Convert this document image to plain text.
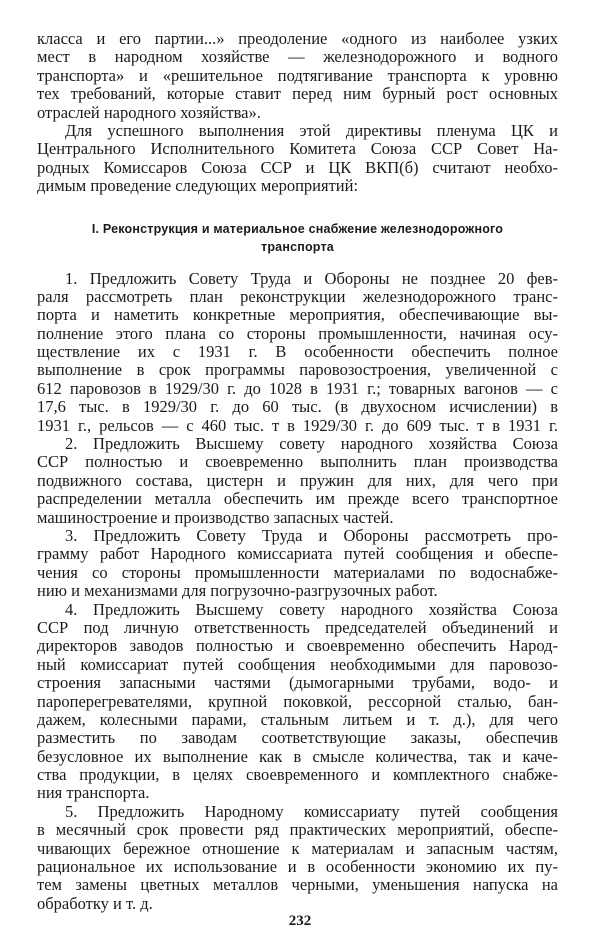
класса и его партии...» преодоление «одного из наиболее узких
мест в народном хозяйстве — железнодорожного и водного
транспорта» и «решительное подтягивание транспорта к уровню
тех требований, которые ставит перед ним бурный рост основных
отраслей народного хозяйства».
Для успешного выполнения этой директивы пленума ЦК и
Центрального Исполнительного Комитета Союза ССР Совет На-
родных Комиссаров Союза ССР и ЦК ВКП(б) считают необхо-
димым проведение следующих мероприятий:
I. Реконструкция и материальное снабжение железнодорожного
транспорта
1. Предложить Совету Труда и Обороны не позднее 20 фев-
раля рассмотреть план реконструкции железнодорожного транс-
порта и наметить конкретные мероприятия, обеспечивающие вы-
полнение этого плана со стороны промышленности, начиная осу-
ществление их с 1931 г. В особенности обеспечить полное
выполнение в срок программы паровозостроения, увеличенной с
612 паровозов в 1929/30 г. до 1028 в 1931 г.; товарных вагонов — с
17,6 тыс. в 1929/30 г. до 60 тыс. (в двухосном исчислении) в
1931 г., рельсов — с 460 тыс. т в 1929/30 г. до 609 тыс. т в 1931 г.
2. Предложить Высшему совету народного хозяйства Союза
ССР полностью и своевременно выполнить план производства
подвижного состава, цистерн и пружин для них, для чего при
распределении металла обеспечить им прежде всего транспортное
машиностроение и производство запасных частей.
3. Предложить Совету Труда и Обороны рассмотреть про-
грамму работ Народного комиссариата путей сообщения и обеспе-
чения со стороны промышленности материалами по водоснабже-
нию и механизмами для погрузочно-разгрузочных работ.
4. Предложить Высшему совету народного хозяйства Союза
ССР под личную ответственность председателей объединений и
директоров заводов полностью и своевременно обеспечить Народ-
ный комиссариат путей сообщения необходимыми для паровозо-
строения запасными частями (дымогарными трубами, водо- и
пароперегревателями, крупной поковкой, рессорной сталью, бан-
дажем, колесными парами, стальным литьем и т. д.), для чего
разместить по заводам соответствующие заказы, обеспечив
безусловное их выполнение как в смысле количества, так и каче-
ства продукции, в целях своевременного и комплектного снабже-
ния транспорта.
5. Предложить Народному комиссариату путей сообщения
в месячный срок провести ряд практических мероприятий, обеспе-
чивающих бережное отношение к материалам и запасным частям,
рациональное их использование и в особенности экономию их пу-
тем замены цветных металлов черными, уменьшения напуска на
обработку и т. д.
232
